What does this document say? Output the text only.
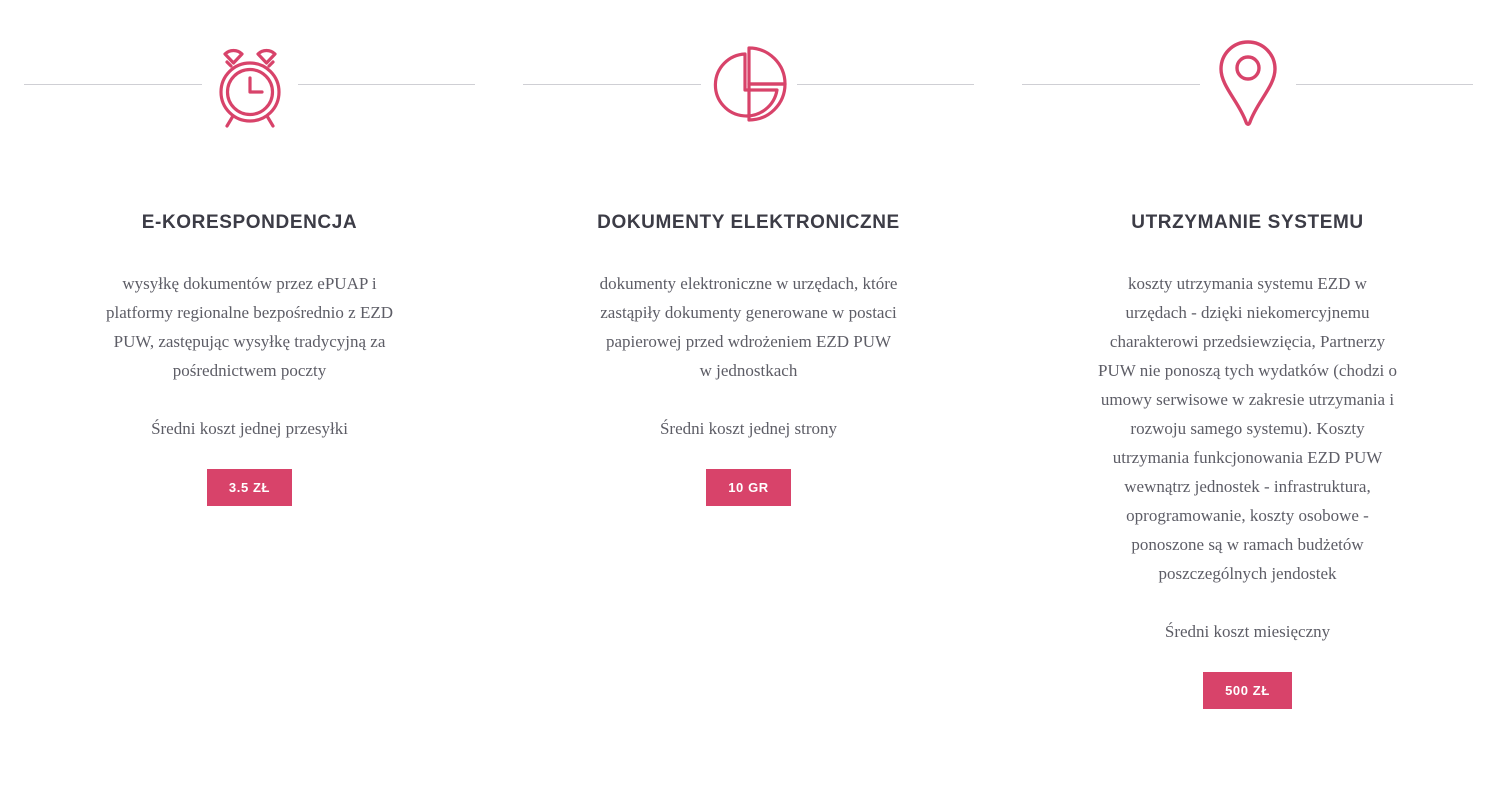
E-KORESPONDENCJA
wysyłkę dokumentów przez ePUAP i platformy regionalne bezpośrednio z EZD PUW, zastępując wysyłkę tradycyjną za pośrednictwem poczty
Średni koszt jednej przesyłki
3.5 ZŁ
DOKUMENTY ELEKTRONICZNE
dokumenty elektroniczne w urzędach, które zastąpiły dokumenty generowane w postaci papierowej przed wdrożeniem EZD PUW w jednostkach
Średni koszt jednej strony
10 GR
UTRZYMANIE SYSTEMU
koszty utrzymania systemu EZD w urzędach - dzięki niekomercyjnemu charakterowi przedsiewzięcia, Partnerzy PUW nie ponoszą tych wydatków (chodzi o umowy serwisowe w zakresie utrzymania i rozwoju samego systemu). Koszty utrzymania funkcjonowania EZD PUW wewnątrz jednostek - infrastruktura, oprogramowanie, koszty osobowe - ponoszone są w ramach budżetów poszczególnych jendostek
Średni koszt miesięczny
500 ZŁ
